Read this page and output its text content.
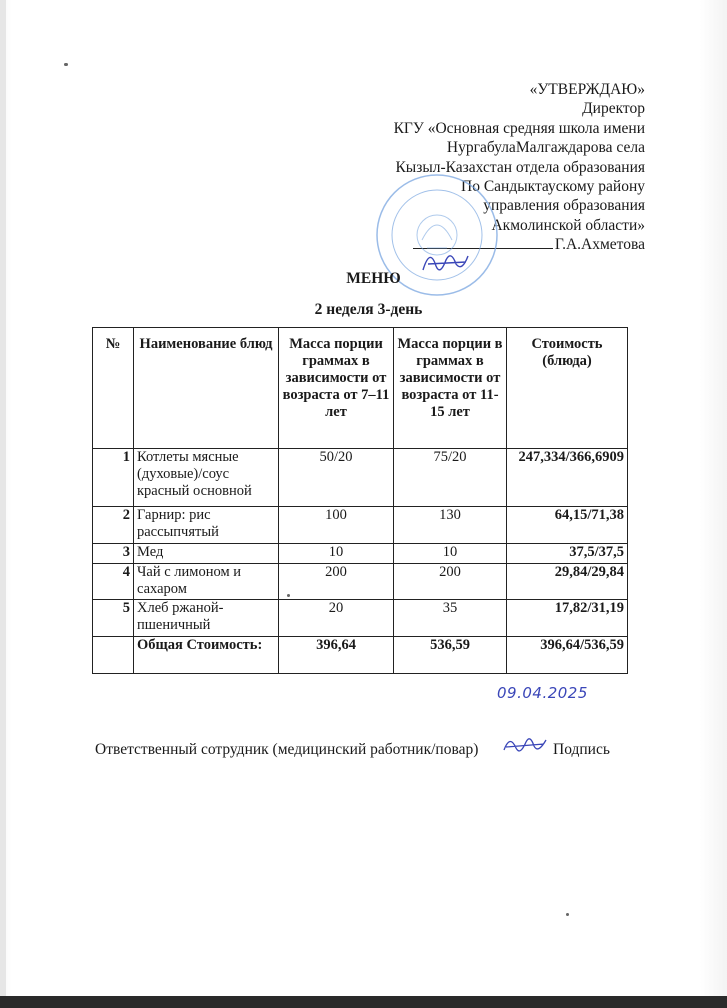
«УТВЕРЖДАЮ»
Директор
КГУ «Основная средняя школа имени
НургабулаМалгаждарова села
Кызыл-Казахстан отдела образования
По Сандыктаускому району
управления образования
Акмолинской области»
Г.А.Ахметова
МЕНЮ
2 неделя 3-день
№	Наименование блюд	Масса порции граммах в зависимости от возраста от 7–11 лет	Масса порции в граммах в зависимости от возраста от 11-15 лет	Стоимость (блюда)
1	Котлеты мясные (духовые)/соус красный основной	50/20	75/20	247,334/366,6909
2	Гарнир: рис рассыпчятый	100	130	64,15/71,38
3	Мед	10	10	37,5/37,5
4	Чай с лимоном и сахаром	200	200	29,84/29,84
5	Хлеб ржаной-пшеничный	20	35	17,82/31,19
	Общая Стоимость:	396,64	536,59	396,64/536,59
09.04.2025
Ответственный сотрудник (медицинский работник/повар)	Подпись
